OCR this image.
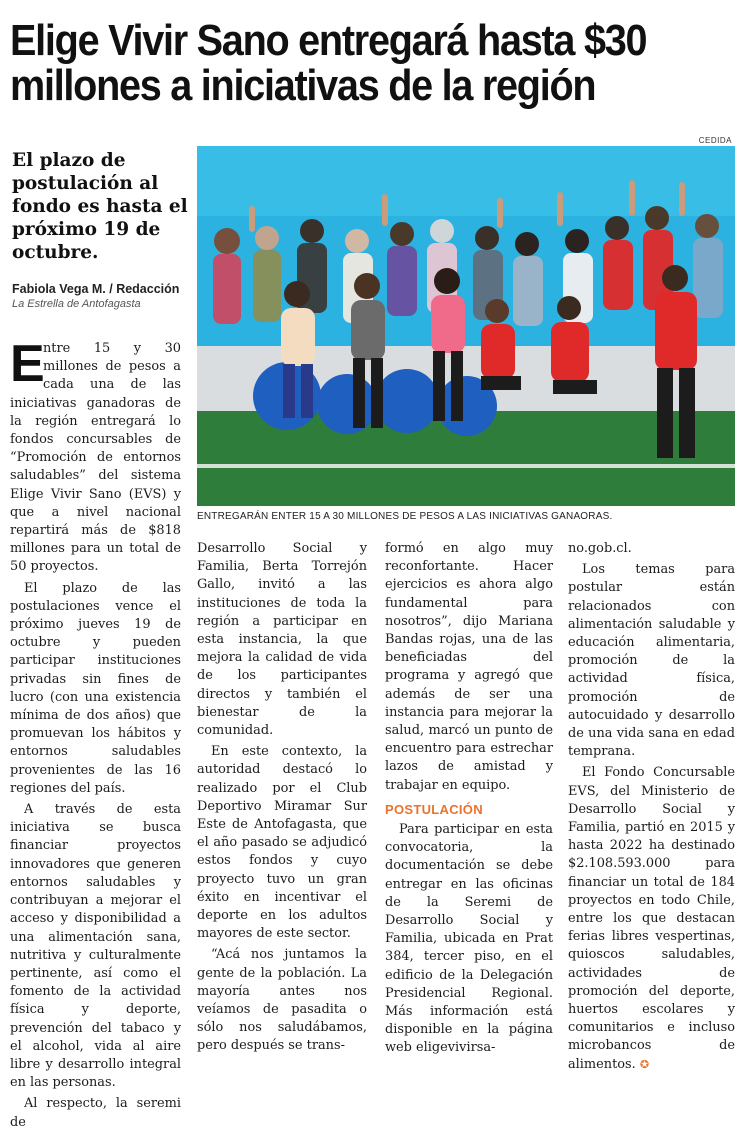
Elige Vivir Sano entregará hasta $30 millones a iniciativas de la región
El plazo de postulación al fondo es hasta el próximo 19 de octubre.
Fabiola Vega M. / Redacción
La Estrella de Antofagasta
CEDIDA
ENTREGARÁN ENTER 15 A 30 MILLONES DE PESOS A LAS INICIATIVAS GANAORAS.

E
ntre 15 y 30 millones de pesos a cada una de las iniciativas ganadoras de la región entregará lo fondos concursables de “Promoción de entornos saludables” del sistema Elige Vivir Sano (EVS) y que a nivel nacional repartirá más de $818 millones para un total de 50 proyectos.

El plazo de las postulaciones vence el próximo jueves 19 de octubre y pueden participar instituciones privadas sin fines de lucro (con una existencia mínima de dos años) que promuevan los hábitos y entornos saludables provenientes de las 16 regiones del país.

A través de esta iniciativa se busca financiar proyectos innovadores que generen entornos saludables y contribuyan a mejorar el acceso y disponibilidad a una alimentación sana, nutritiva y culturalmente pertinente, así como el fomento de la actividad física y deporte, prevención del tabaco y el alcohol, vida al aire libre y desarrollo integral en las personas.

Al respecto, la seremi de

Desarrollo Social y Familia, Berta Torrejón Gallo, invitó a las instituciones de toda la región a participar en esta instancia, la que mejora la calidad de vida de los participantes directos y también el bienestar de la comunidad.

En este contexto, la autoridad destacó lo realizado por el Club Deportivo Miramar Sur Este de Antofagasta, que el año pasado se adjudicó estos fondos y cuyo proyecto tuvo un gran éxito en incentivar el deporte en los adultos mayores de este sector.

“Acá nos juntamos la gente de la población. La mayoría antes nos veíamos de pasadita o sólo nos saludábamos, pero después se trans-

formó en algo muy reconfortante. Hacer ejercicios es ahora algo fundamental para nosotros”, dijo Mariana Bandas rojas, una de las beneficiadas del programa y agregó que además de ser una instancia para mejorar la salud, marcó un punto de encuentro para estrechar lazos de amistad y trabajar en equipo.

POSTULACIÓN

Para participar en esta convocatoria, la documentación se debe entregar en las oficinas de la Seremi de Desarrollo Social y Familia, ubicada en Prat 384, tercer piso, en el edificio de la Delegación Presidencial Regional. Más información está disponible en la página web eligevivirsa-

no.gob.cl.

Los temas para postular están relacionados con alimentación saludable y educación alimentaria, promoción de la actividad física, promoción de autocuidado y desarrollo de una vida sana en edad temprana.

El Fondo Concursable EVS, del Ministerio de Desarrollo Social y Familia, partió en 2015 y hasta 2022 ha destinado $2.108.593.000 para financiar un total de 184 proyectos en todo Chile, entre los que destacan ferias libres vespertinas, quioscos saludables, actividades de promoción del deporte, huertos escolares y comunitarios e incluso microbancos de alimentos. ✪
